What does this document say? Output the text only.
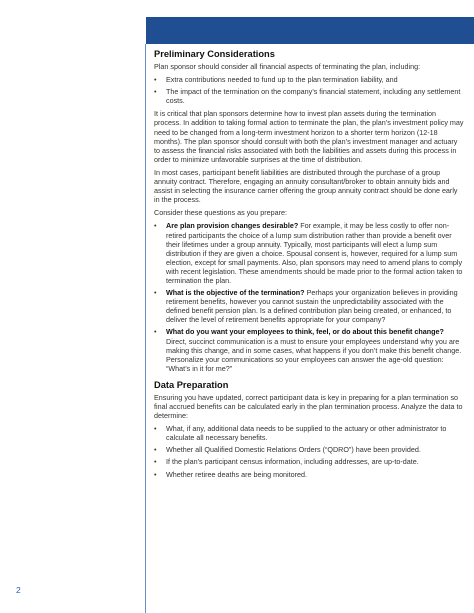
Preliminary Considerations

Plan sponsor should consider all financial aspects of terminating the plan, including:

• Extra contributions needed to fund up to the plan termination liability, and
• The impact of the termination on the company’s financial statement, including any settlement costs.

It is critical that plan sponsors determine how to invest plan assets during the termination process. In addition to taking formal action to terminate the plan, the plan’s investment policy may need to be changed from a long-term investment horizon to a shorter term horizon (12-18 months). The plan sponsor should consult with both the plan’s investment manager and actuary to assess the financial risks associated with both the liabilities and assets during this process in order to minimize unfavorable surprises at the time of distribution.

In most cases, participant benefit liabilities are distributed through the purchase of a group annuity contract. Therefore, engaging an annuity consultant/broker to obtain annuity bids and assist in selecting the insurance carrier offering the group annuity contract should be done early in the process.

Consider these questions as you prepare:

• Are plan provision changes desirable? For example, it may be less costly to offer non-retired participants the choice of a lump sum distribution rather than provide a benefit over their lifetimes under a group annuity. Typically, most participants will elect a lump sum distribution if they are given a choice. Spousal consent is, however, required for a lump sum election, except for small payments. Also, plan sponsors may need to amend plans to comply with recent legislation. These amendments should be made prior to the formal action taken to termination the plan.
• What is the objective of the termination? Perhaps your organization believes in providing retirement benefits, however you cannot sustain the unpredictability associated with the defined benefit pension plan. Is a defined contribution plan being created, or enhanced, to deliver the level of retirement benefits appropriate for your company?
• What do you want your employees to think, feel, or do about this benefit change? Direct, succinct communication is a must to ensure your employees understand why you are making this change, and in some cases, what happens if you don’t make this benefit change. Personalize your communications so your employees can answer the age-old question: “What’s in it for me?”
Data Preparation

Ensuring you have updated, correct participant data is key in preparing for a plan termination so final accrued benefits can be calculated early in the plan termination process. Analyze the data to determine:

• What, if any, additional data needs to be supplied to the actuary or other administrator to calculate all necessary benefits.
• Whether all Qualified Domestic Relations Orders (“QDRO”) have been provided.
• If the plan’s participant census information, including addresses, are up-to-date.
• Whether retiree deaths are being monitored.
2
